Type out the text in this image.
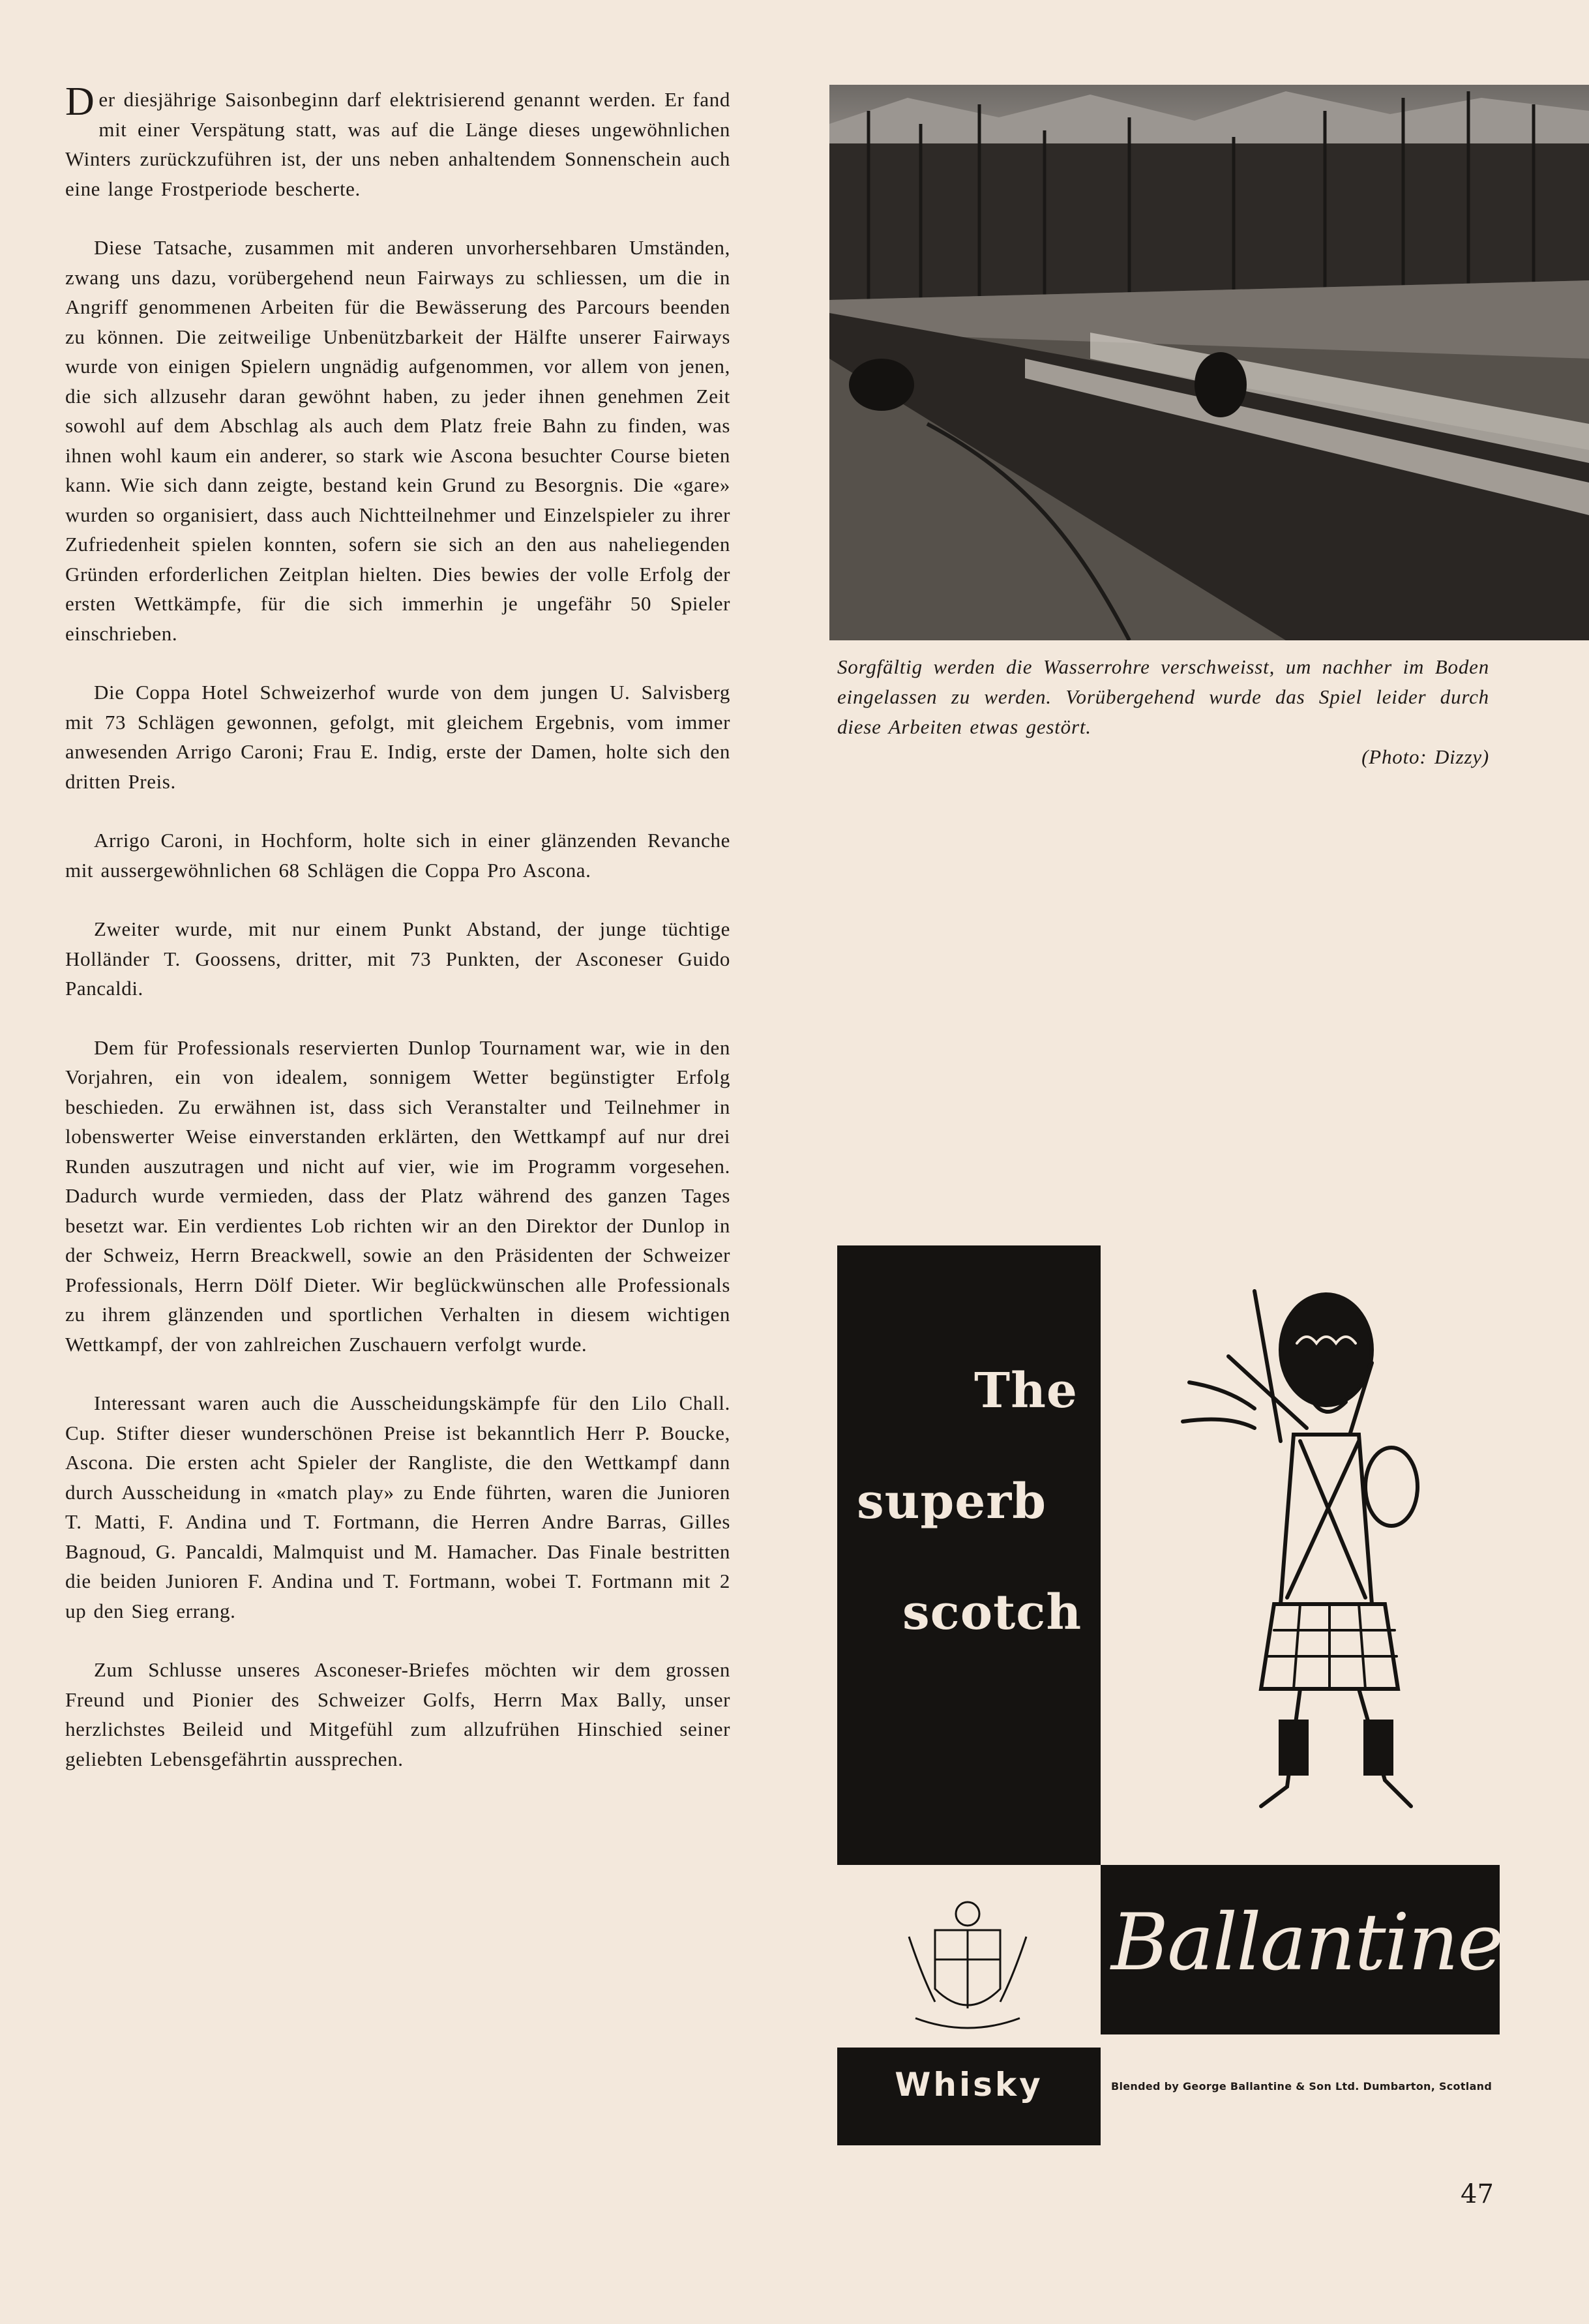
Der diesjährige Saisonbeginn darf elektrisierend genannt werden. Er fand mit einer Verspätung statt, was auf die Länge dieses ungewöhnlichen Winters zurückzuführen ist, der uns neben anhaltendem Sonnenschein auch eine lange Frostperiode bescherte.

Diese Tatsache, zusammen mit anderen unvorhersehbaren Umständen, zwang uns dazu, vorübergehend neun Fairways zu schliessen, um die in Angriff genommenen Arbeiten für die Bewässerung des Parcours beenden zu können. Die zeitweilige Unbenützbarkeit der Hälfte unserer Fairways wurde von einigen Spielern ungnädig aufgenommen, vor allem von jenen, die sich allzusehr daran gewöhnt haben, zu jeder ihnen genehmen Zeit sowohl auf dem Abschlag als auch dem Platz freie Bahn zu finden, was ihnen wohl kaum ein anderer, so stark wie Ascona besuchter Course bieten kann. Wie sich dann zeigte, bestand kein Grund zu Besorgnis. Die «gare» wurden so organisiert, dass auch Nichtteilnehmer und Einzelspieler zu ihrer Zufriedenheit spielen konnten, sofern sie sich an den aus naheliegenden Gründen erforderlichen Zeitplan hielten. Dies bewies der volle Erfolg der ersten Wettkämpfe, für die sich immerhin je ungefähr 50 Spieler einschrieben.

Die Coppa Hotel Schweizerhof wurde von dem jungen U. Salvisberg mit 73 Schlägen gewonnen, gefolgt, mit gleichem Ergebnis, vom immer anwesenden Arrigo Caroni; Frau E. Indig, erste der Damen, holte sich den dritten Preis.

Arrigo Caroni, in Hochform, holte sich in einer glänzenden Revanche mit aussergewöhnlichen 68 Schlägen die Coppa Pro Ascona.

Zweiter wurde, mit nur einem Punkt Abstand, der junge tüchtige Holländer T. Goossens, dritter, mit 73 Punkten, der Asconeser Guido Pancaldi.

Dem für Professionals reservierten Dunlop Tournament war, wie in den Vorjahren, ein von idealem, sonnigem Wetter begünstigter Erfolg beschieden. Zu erwähnen ist, dass sich Veranstalter und Teilnehmer in lobenswerter Weise einverstanden erklärten, den Wettkampf auf nur drei Runden auszutragen und nicht auf vier, wie im Programm vorgesehen. Dadurch wurde vermieden, dass der Platz während des ganzen Tages besetzt war. Ein verdientes Lob richten wir an den Direktor der Dunlop in der Schweiz, Herrn Breackwell, sowie an den Präsidenten der Schweizer Professionals, Herrn Dölf Dieter. Wir beglückwünschen alle Professionals zu ihrem glänzenden und sportlichen Verhalten in diesem wichtigen Wettkampf, der von zahlreichen Zuschauern verfolgt wurde.

Interessant waren auch die Ausscheidungskämpfe für den Lilo Chall. Cup. Stifter dieser wunderschönen Preise ist bekanntlich Herr P. Boucke, Ascona. Die ersten acht Spieler der Rangliste, die den Wettkampf dann durch Ausscheidung in «match play» zu Ende führten, waren die Junioren T. Matti, F. Andina und T. Fortmann, die Herren Andre Barras, Gilles Bagnoud, G. Pancaldi, Malmquist und M. Hamacher. Das Finale bestritten die beiden Junioren F. Andina und T. Fortmann, wobei T. Fortmann mit 2 up den Sieg errang.

Zum Schlusse unseres Asconeser-Briefes möchten wir dem grossen Freund und Pionier des Schweizer Golfs, Herrn Max Bally, unser herzlichstes Beileid und Mitgefühl zum allzufrühen Hinschied seiner geliebten Lebensgefährtin aussprechen.

Sorgfältig werden die Wasserrohre verschweisst, um nachher im Boden eingelassen zu werden. Vorübergehend wurde das Spiel leider durch diese Arbeiten etwas gestört.
(Photo: Dizzy)
The
superb
scotch
Ballantine's
Whisky	Blended by George Ballantine & Son Ltd. Dumbarton, Scotland
47
